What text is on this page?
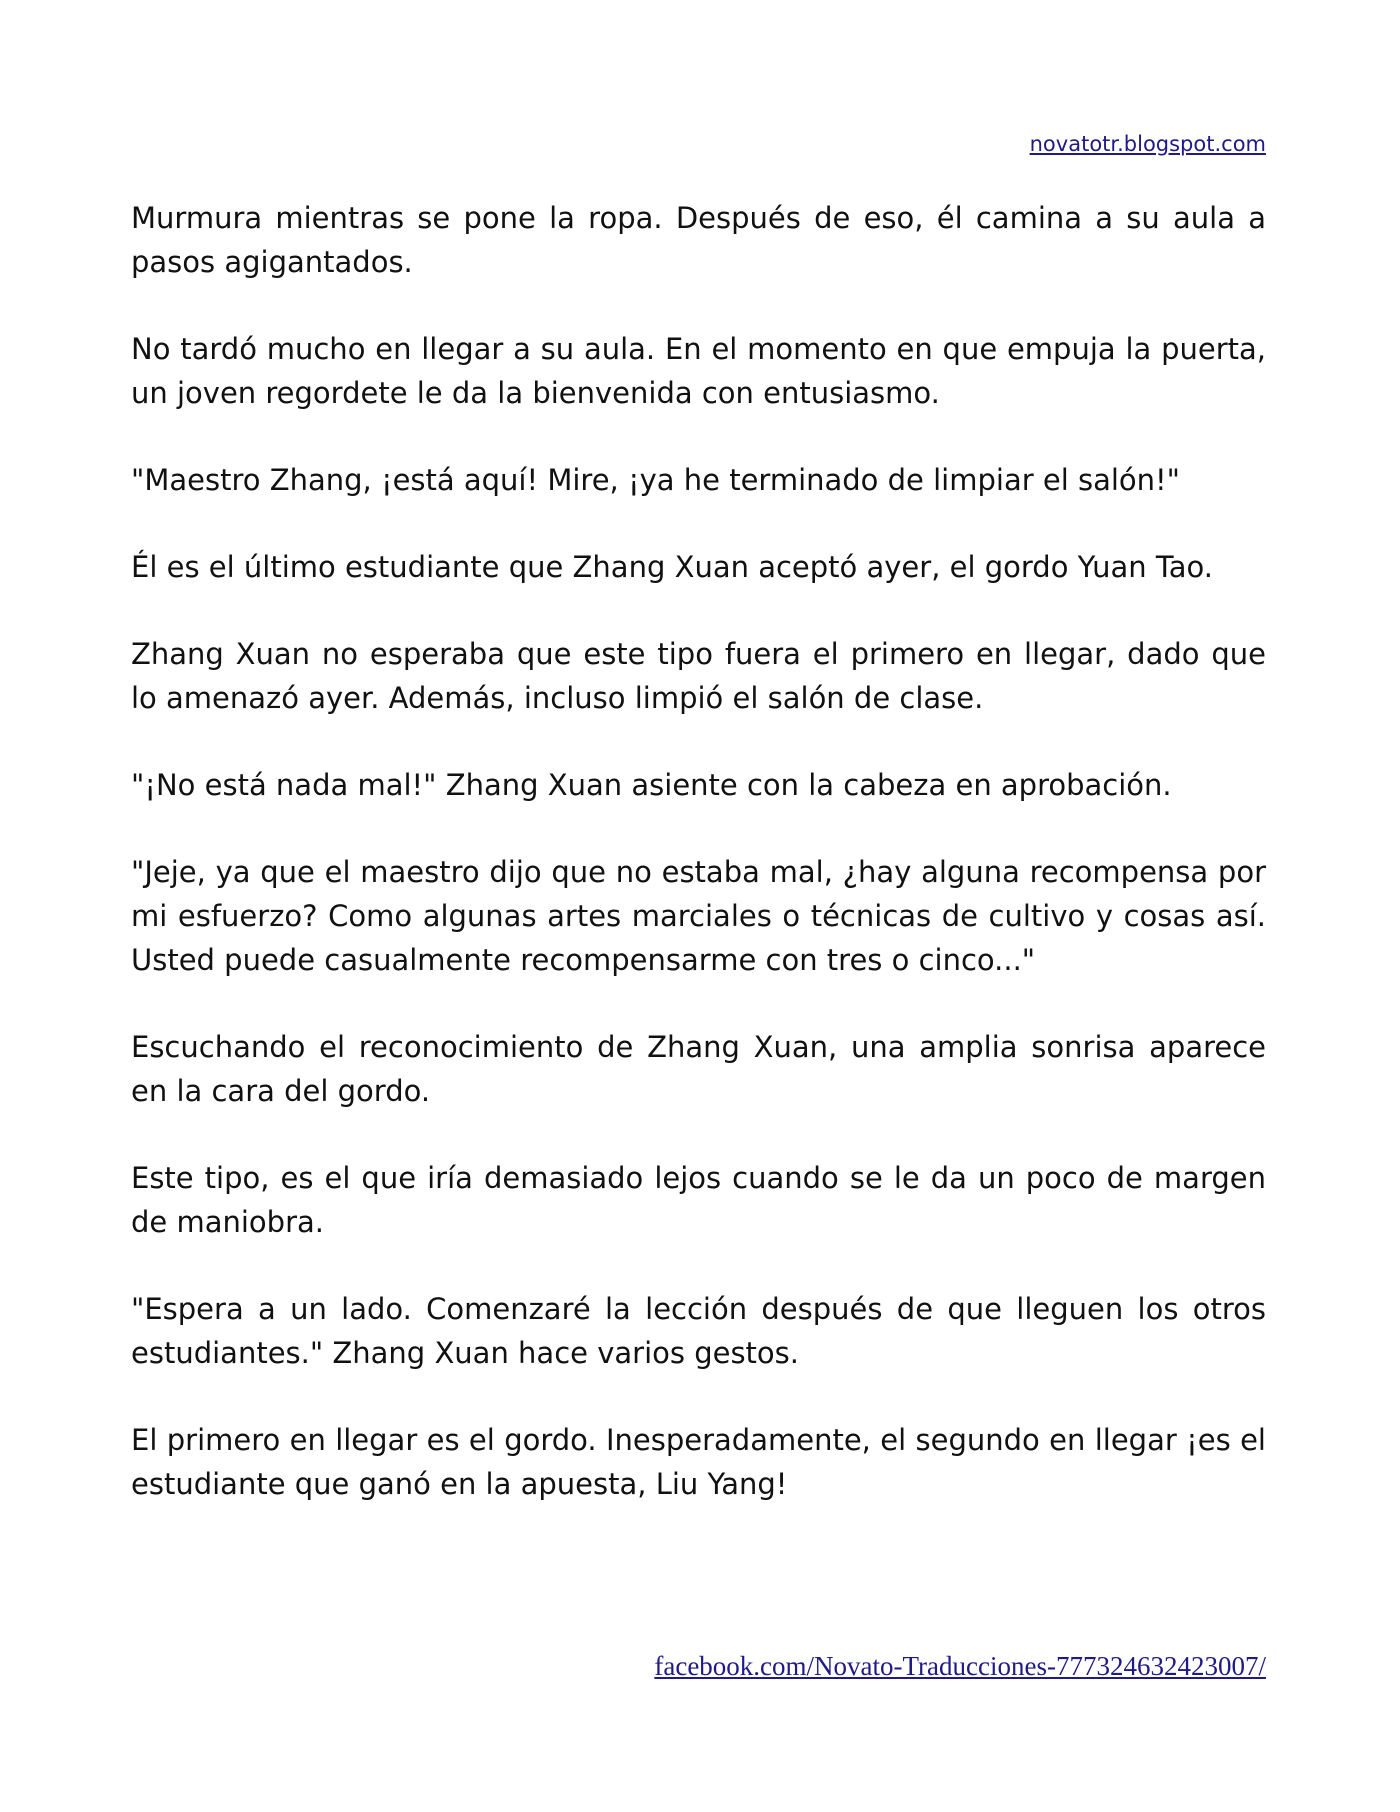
novatotr.blogspot.com

Murmura mientras se pone la ropa. Después de eso, él camina a su aula a pasos agigantados.

No tardó mucho en llegar a su aula. En el momento en que empuja la puerta, un joven regordete le da la bienvenida con entusiasmo.

"Maestro Zhang, ¡está aquí! Mire, ¡ya he terminado de limpiar el salón!"

Él es el último estudiante que Zhang Xuan aceptó ayer, el gordo Yuan Tao.

Zhang Xuan no esperaba que este tipo fuera el primero en llegar, dado que lo amenazó ayer. Además, incluso limpió el salón de clase.

"¡No está nada mal!" Zhang Xuan asiente con la cabeza en aprobación.

"Jeje, ya que el maestro dijo que no estaba mal, ¿hay alguna recompensa por mi esfuerzo? Como algunas artes marciales o técnicas de cultivo y cosas así. Usted puede casualmente recompensarme con tres o cinco..."

Escuchando el reconocimiento de Zhang Xuan, una amplia sonrisa aparece en la cara del gordo.

Este tipo, es el que iría demasiado lejos cuando se le da un poco de margen de maniobra.

"Espera a un lado. Comenzaré la lección después de que lleguen los otros estudiantes." Zhang Xuan hace varios gestos.

El primero en llegar es el gordo. Inesperadamente, el segundo en llegar ¡es el estudiante que ganó en la apuesta, Liu Yang!

facebook.com/Novato-Traducciones-777324632423007/
